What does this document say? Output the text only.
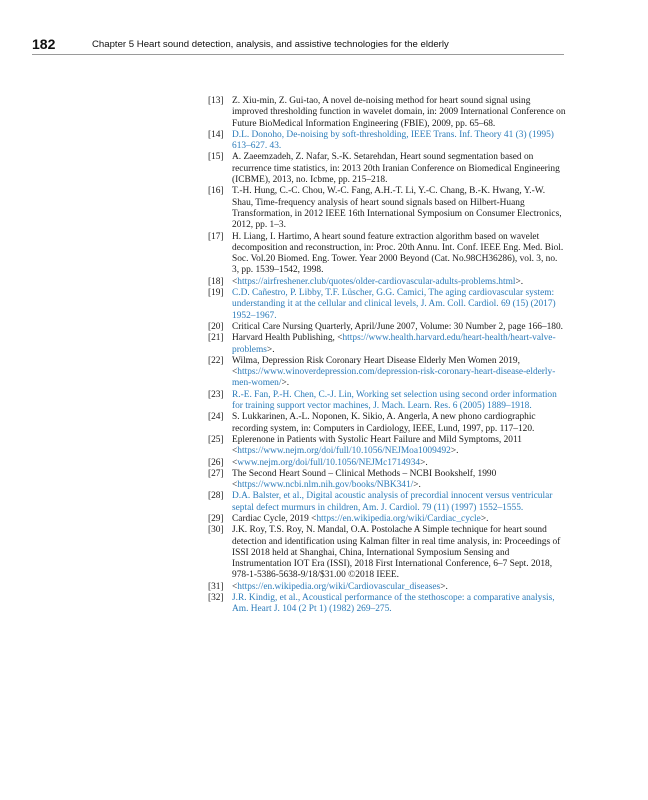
182	Chapter 5 Heart sound detection, analysis, and assistive technologies for the elderly
[13] Z. Xiu-min, Z. Gui-tao, A novel de-noising method for heart sound signal using improved thresholding function in wavelet domain, in: 2009 International Conference on Future BioMedical Information Engineering (FBIE), 2009, pp. 65–68.
[14] D.L. Donoho, De-noising by soft-thresholding, IEEE Trans. Inf. Theory 41 (3) (1995) 613–627. 43.
[15] A. Zaeemzadeh, Z. Nafar, S.-K. Setarehdan, Heart sound segmentation based on recurrence time statistics, in: 2013 20th Iranian Conference on Biomedical Engineering (ICBME), 2013, no. Icbme, pp. 215–218.
[16] T.-H. Hung, C.-C. Chou, W.-C. Fang, A.H.-T. Li, Y.-C. Chang, B.-K. Hwang, Y.-W. Shau, Time-frequency analysis of heart sound signals based on Hilbert-Huang Transformation, in 2012 IEEE 16th International Symposium on Consumer Electronics, 2012, pp. 1–3.
[17] H. Liang, I. Hartimo, A heart sound feature extraction algorithm based on wavelet decomposition and reconstruction, in: Proc. 20th Annu. Int. Conf. IEEE Eng. Med. Biol. Soc. Vol.20 Biomed. Eng. Tower. Year 2000 Beyond (Cat. No.98CH36286), vol. 3, no. 3, pp. 1539–1542, 1998.
[18] <https://airfreshener.club/quotes/older-cardiovascular-adults-problems.html>.
[19] C.D. Cañestro, P. Libby, T.F. Lüscher, G.G. Camici, The aging cardiovascular system: understanding it at the cellular and clinical levels, J. Am. Coll. Cardiol. 69 (15) (2017) 1952–1967.
[20] Critical Care Nursing Quarterly, April/June 2007, Volume: 30 Number 2, page 166–180.
[21] Harvard Health Publishing, <https://www.health.harvard.edu/heart-health/heart-valve-problems>.
[22] Wilma, Depression Risk Coronary Heart Disease Elderly Men Women 2019, <https://www.winoverdepression.com/depression-risk-coronary-heart-disease-elderly-men-women/>.
[23] R.-E. Fan, P.-H. Chen, C.-J. Lin, Working set selection using second order information for training support vector machines, J. Mach. Learn. Res. 6 (2005) 1889–1918.
[24] S. Lukkarinen, A.-L. Noponen, K. Sikio, A. Angerla, A new phono cardiographic recording system, in: Computers in Cardiology, IEEE, Lund, 1997, pp. 117–120.
[25] Eplerenone in Patients with Systolic Heart Failure and Mild Symptoms, 2011 <https://www.nejm.org/doi/full/10.1056/NEJMoa1009492>.
[26] <www.nejm.org/doi/full/10.1056/NEJMc1714934>.
[27] The Second Heart Sound – Clinical Methods – NCBI Bookshelf, 1990 <https://www.ncbi.nlm.nih.gov/books/NBK341/>.
[28] D.A. Balster, et al., Digital acoustic analysis of precordial innocent versus ventricular septal defect murmurs in children, Am. J. Cardiol. 79 (11) (1997) 1552–1555.
[29] Cardiac Cycle, 2019 <https://en.wikipedia.org/wiki/Cardiac_cycle>.
[30] J.K. Roy, T.S. Roy, N. Mandal, O.A. Postolache A Simple technique for heart sound detection and identification using Kalman filter in real time analysis, in: Proceedings of ISSI 2018 held at Shanghai, China, International Symposium Sensing and Instrumentation IOT Era (ISSI), 2018 First International Conference, 6–7 Sept. 2018, 978-1-5386-5638-9/18/$31.00 ©2018 IEEE.
[31] <https://en.wikipedia.org/wiki/Cardiovascular_diseases>.
[32] J.R. Kindig, et al., Acoustical performance of the stethoscope: a comparative analysis, Am. Heart J. 104 (2 Pt 1) (1982) 269–275.
